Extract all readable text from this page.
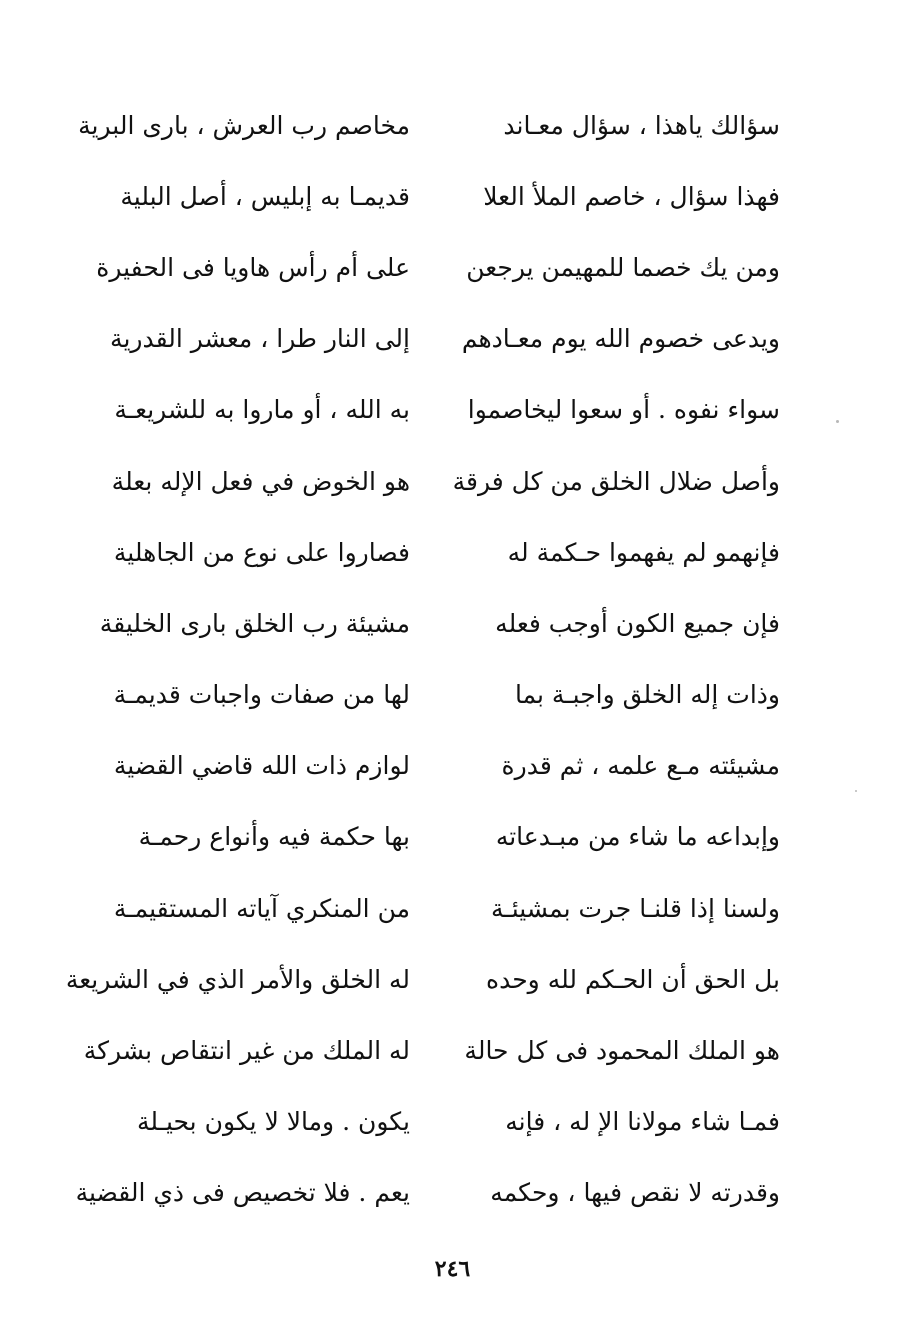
سؤالك ياهذا ، سؤال معـاند
مخاصم رب العرش ، بارى البرية
فهذا سؤال ، خاصم الملأ العلا
قديمـا به إبليس ، أصل البلية
ومن يك خصما للمهيمن يرجعن
على أم رأس هاويا فى الحفيرة
ويدعى خصوم الله يوم معـادهم
إلى النار طرا ، معشر القدرية
سواء نفوه . أو سعوا ليخاصموا
به الله ، أو ماروا به للشريعـة
وأصل ضلال الخلق من كل فرقة
هو الخوض في فعل الإله بعلة
فإنهمو لم يفهموا حـكمة له
فصاروا على نوع من الجاهلية
فإن جميع الكون أوجب فعله
مشيئة رب الخلق بارى الخليقة
وذات إله الخلق واجبـة بما
لها من صفات واجبات قديمـة
مشيئته مـع علمه ، ثم قدرة
لوازم ذات الله قاضي القضية
وإبداعه ما شاء من مبـدعاته
بها حكمة فيه وأنواع رحمـة
ولسنا إذا قلنـا جرت بمشيئـة
من المنكري آياته المستقيمـة
بل الحق أن الحـكم لله وحده
له الخلق والأمر الذي في الشريعة
هو الملك المحمود فى كل حالة
له الملك من غير انتقاص بشركة
فمـا شاء مولانا الإ له ، فإنه
يكون . ومالا لا يكون بحيـلة
وقدرته لا نقص فيها ، وحكمه
يعم . فلا تخصيص فى ذي القضية
٢٤٦
